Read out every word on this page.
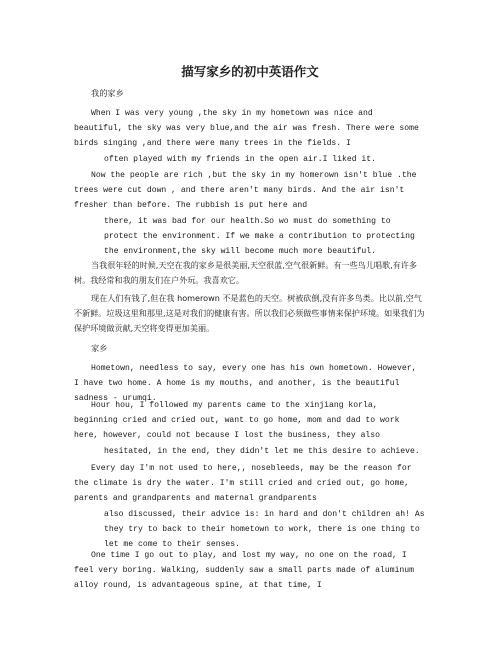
描写家乡的初中英语作文
我的家乡

When I was very young ,the sky in my hometown was nice and beautiful, the sky was very blue,and the air was fresh. There were some birds singing ,and there were many trees in the fields. I
often played with my friends in the open air.I liked it.

Now the people are rich ,but the sky in my homerown isn't blue .the trees were cut down , and there aren't many birds. And the air isn't fresher than before. The rubbish is put here and
there, it was bad for our health.So wo must do something to protect the environment. If we make a contribution to protecting the environment,the sky will become much more beautiful.

当我很年轻的时候,天空在我的家乡是很美丽,天空很蓝,空气很新鲜。有一些鸟儿唱歌,有许多树。我经常和我的朋友们在户外玩。我喜欢它。

现在人们有钱了,但在我 homerown 不是蓝色的天空。树被砍倒,没有许多鸟类。比以前,空气不新鲜。垃圾这里和那里,这是对我们的健康有害。所以我们必须做些事情来保护环境。如果我们为保护环境做贡献,天空将变得更加美丽。

家乡

Hometown, needless to say, every one has his own hometown. However, I have two home. A home is my mouths, and another, is the beautiful sadness - urumqi.

Hour hou, I followed my parents came to the xinjiang korla, beginning cried and cried out, want to go home, mom and dad to work here, however, could not because I lost the business, they also
hesitated, in the end, they didn't let me this desire to achieve.

Every day I'm not used to here,, nosebleeds, may be the reason for the climate is dry the water. I'm still cried and cried out, go home, parents and grandparents and maternal grandparents
also discussed, their advice is: in hard and don't children ah! As they try to back to their hometown to work, there is one thing to let me come to their senses.

One time I go out to play, and lost my way, no one on the road, I feel very boring. Walking, suddenly saw a small parts made of aluminum alloy round, is advantageous spine, at that time, I
